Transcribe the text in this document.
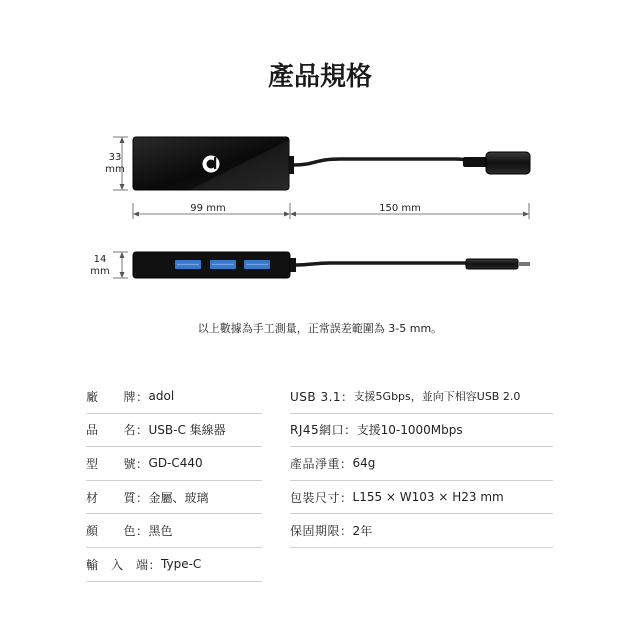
產品規格
33
mm
99 mm	150 mm
14
mm
以上數據為手工測量，正常誤差範圍為 3-5 mm。
廠　　牌： adol
品　　名： USB-C 集線器
型　　號： GD-C440
材　　質： 金屬、玻璃
顏　　色： 黑色
輸　入　端： Type-C
USB 3.1： 支援5Gbps，並向下相容USB 2.0
RJ45網口： 支援10-1000Mbps
產品淨重： 64g
包裝尺寸： L155 × W103 × H23 mm
保固期限： 2年
